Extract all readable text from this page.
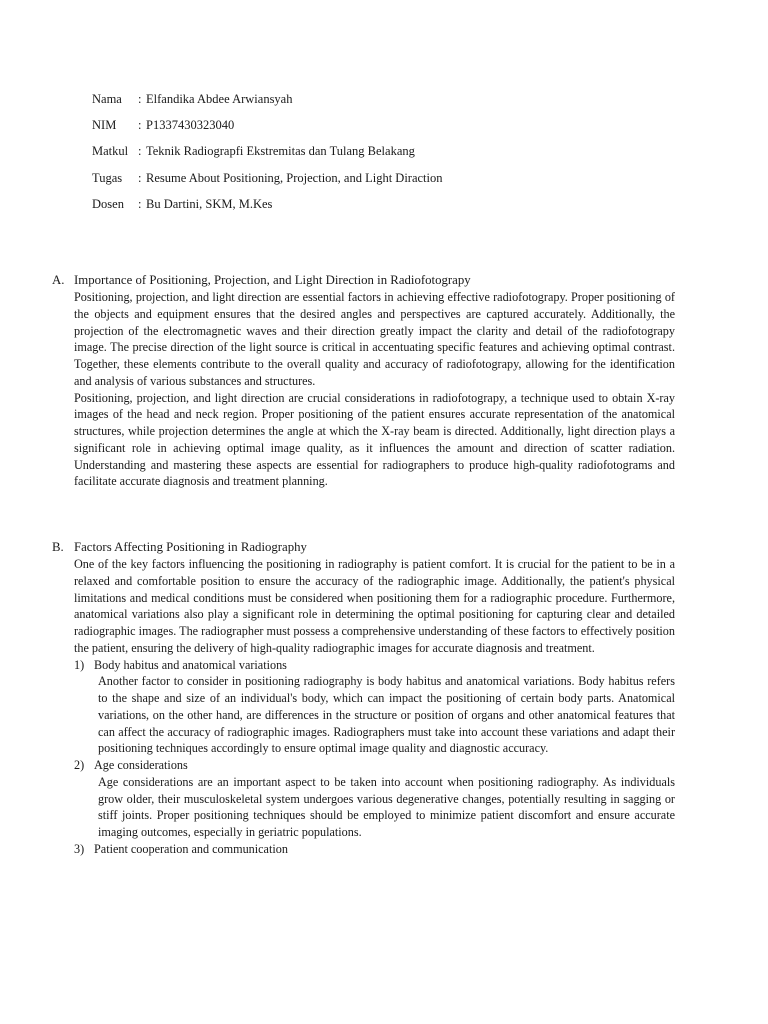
Nama	: Elfandika Abdee Arwiansyah
NIM	: P1337430323040
Matkul : Teknik Radiograpfi Ekstremitas dan Tulang Belakang
Tugas	: Resume About Positioning, Projection, and Light Diraction
Dosen	: Bu Dartini, SKM, M.Kes
A. Importance of Positioning, Projection, and Light Direction in Radiofotograpy

Positioning, projection, and light direction are essential factors in achieving effective radiofotograpy. Proper positioning of the objects and equipment ensures that the desired angles and perspectives are captured accurately. Additionally, the projection of the electromagnetic waves and their direction greatly impact the clarity and detail of the radiofotograpy image. The precise direction of the light source is critical in accentuating specific features and achieving optimal contrast. Together, these elements contribute to the overall quality and accuracy of radiofotograpy, allowing for the identification and analysis of various substances and structures.

Positioning, projection, and light direction are crucial considerations in radiofotograpy, a technique used to obtain X-ray images of the head and neck region. Proper positioning of the patient ensures accurate representation of the anatomical structures, while projection determines the angle at which the X-ray beam is directed. Additionally, light direction plays a significant role in achieving optimal image quality, as it influences the amount and direction of scatter radiation. Understanding and mastering these aspects are essential for radiographers to produce high-quality radiofotograms and facilitate accurate diagnosis and treatment planning.

B. Factors Affecting Positioning in Radiography

One of the key factors influencing the positioning in radiography is patient comfort. It is crucial for the patient to be in a relaxed and comfortable position to ensure the accuracy of the radiographic image. Additionally, the patient's physical limitations and medical conditions must be considered when positioning them for a radiographic procedure. Furthermore, anatomical variations also play a significant role in determining the optimal positioning for capturing clear and detailed radiographic images. The radiographer must possess a comprehensive understanding of these factors to effectively position the patient, ensuring the delivery of high-quality radiographic images for accurate diagnosis and treatment.

1) Body habitus and anatomical variations

Another factor to consider in positioning radiography is body habitus and anatomical variations. Body habitus refers to the shape and size of an individual's body, which can impact the positioning of certain body parts. Anatomical variations, on the other hand, are differences in the structure or position of organs and other anatomical features that can affect the accuracy of radiographic images. Radiographers must take into account these variations and adapt their positioning techniques accordingly to ensure optimal image quality and diagnostic accuracy.

2) Age considerations

Age considerations are an important aspect to be taken into account when positioning radiography. As individuals grow older, their musculoskeletal system undergoes various degenerative changes, potentially resulting in sagging or stiff joints. Proper positioning techniques should be employed to minimize patient discomfort and ensure accurate imaging outcomes, especially in geriatric populations.

3) Patient cooperation and communication
